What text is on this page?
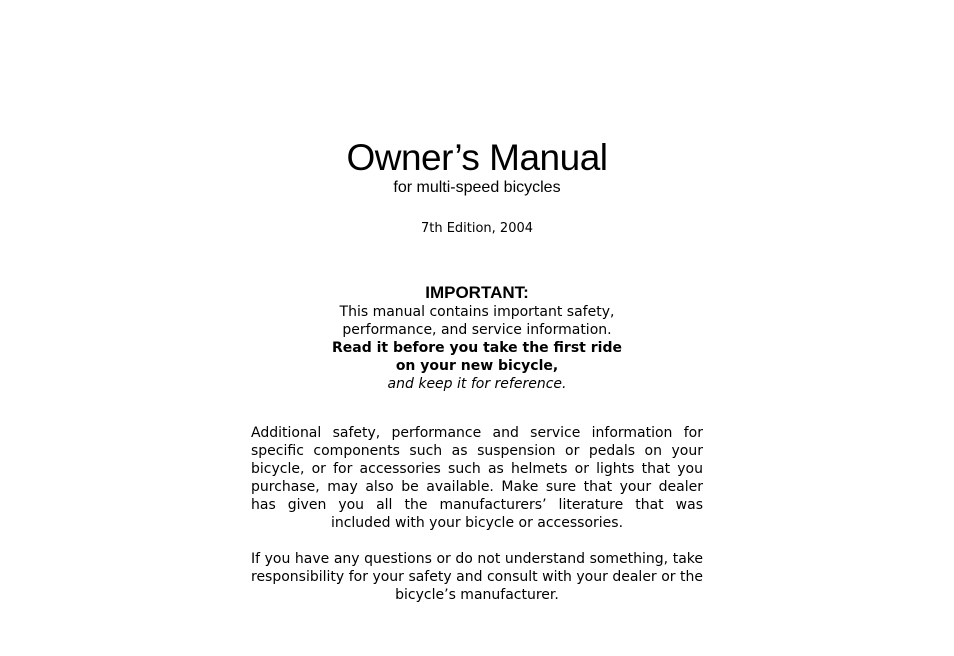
Owner’s Manual
for multi-speed bicycles
7th Edition, 2004
IMPORTANT:
This manual contains important safety,
performance, and service information.
Read it before you take the first ride
on your new bicycle,
and keep it for reference.

Additional safety, performance and service information for specific components such as suspension or pedals on your bicycle, or for accessories such as helmets or lights that you purchase, may also be available. Make sure that your dealer has given you all the manufacturers’ literature that was included with your bicycle or accessories.

If you have any questions or do not understand something, take responsibility for your safety and consult with your dealer or the bicycle’s manufacturer.
